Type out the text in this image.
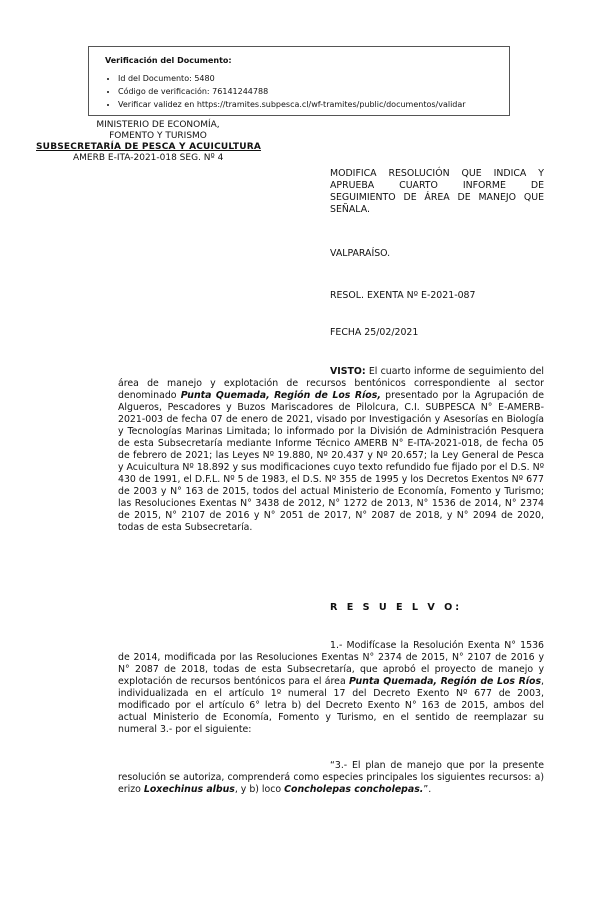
Verificación del Documento:
• Id del Documento: 5480
• Código de verificación: 76141244788
• Verificar validez en https://tramites.subpesca.cl/wf-tramites/public/documentos/validar
MINISTERIO DE ECONOMÍA,
FOMENTO Y TURISMO
SUBSECRETARÍA DE PESCA Y ACUICULTURA
AMERB E-ITA-2021-018 SEG. Nº 4
MODIFICA RESOLUCIÓN QUE INDICA Y APRUEBA CUARTO INFORME DE SEGUIMIENTO DE ÁREA DE MANEJO QUE SEÑALA.
VALPARAÍSO.
RESOL. EXENTA Nº E-2021-087
FECHA 25/02/2021
VISTO: El cuarto informe de seguimiento del área de manejo y explotación de recursos bentónicos correspondiente al sector denominado Punta Quemada, Región de Los Ríos, presentado por la Agrupación de Algueros, Pescadores y Buzos Mariscadores de Pilolcura, C.I. SUBPESCA N° E-AMERB-2021-003 de fecha 07 de enero de 2021, visado por Investigación y Asesorías en Biología y Tecnologías Marinas Limitada; lo informado por la División de Administración Pesquera de esta Subsecretaría mediante Informe Técnico AMERB N° E-ITA-2021-018, de fecha 05 de febrero de 2021; las Leyes Nº 19.880, Nº 20.437 y Nº 20.657; la Ley General de Pesca y Acuicultura Nº 18.892 y sus modificaciones cuyo texto refundido fue fijado por el D.S. Nº 430 de 1991, el D.F.L. Nº 5 de 1983, el D.S. Nº 355 de 1995 y los Decretos Exentos Nº 677 de 2003 y N° 163 de 2015, todos del actual Ministerio de Economía, Fomento y Turismo; las Resoluciones Exentas N° 3438 de 2012, N° 1272 de 2013, N° 1536 de 2014, N° 2374 de 2015, N° 2107 de 2016 y N° 2051 de 2017, N° 2087 de 2018, y N° 2094 de 2020, todas de esta Subsecretaría.
R E S U E L V O:
1.- Modifícase la Resolución Exenta N° 1536 de 2014, modificada por las Resoluciones Exentas N° 2374 de 2015, N° 2107 de 2016 y N° 2087 de 2018, todas de esta Subsecretaría, que aprobó el proyecto de manejo y explotación de recursos bentónicos para el área Punta Quemada, Región de Los Ríos, individualizada en el artículo 1º numeral 17 del Decreto Exento Nº 677 de 2003, modificado por el artículo 6° letra b) del Decreto Exento N° 163 de 2015, ambos del actual Ministerio de Economía, Fomento y Turismo, en el sentido de reemplazar su numeral 3.- por el siguiente:
“3.- El plan de manejo que por la presente resolución se autoriza, comprenderá como especies principales los siguientes recursos: a) erizo Loxechinus albus, y b) loco Concholepas concholepas.”.
